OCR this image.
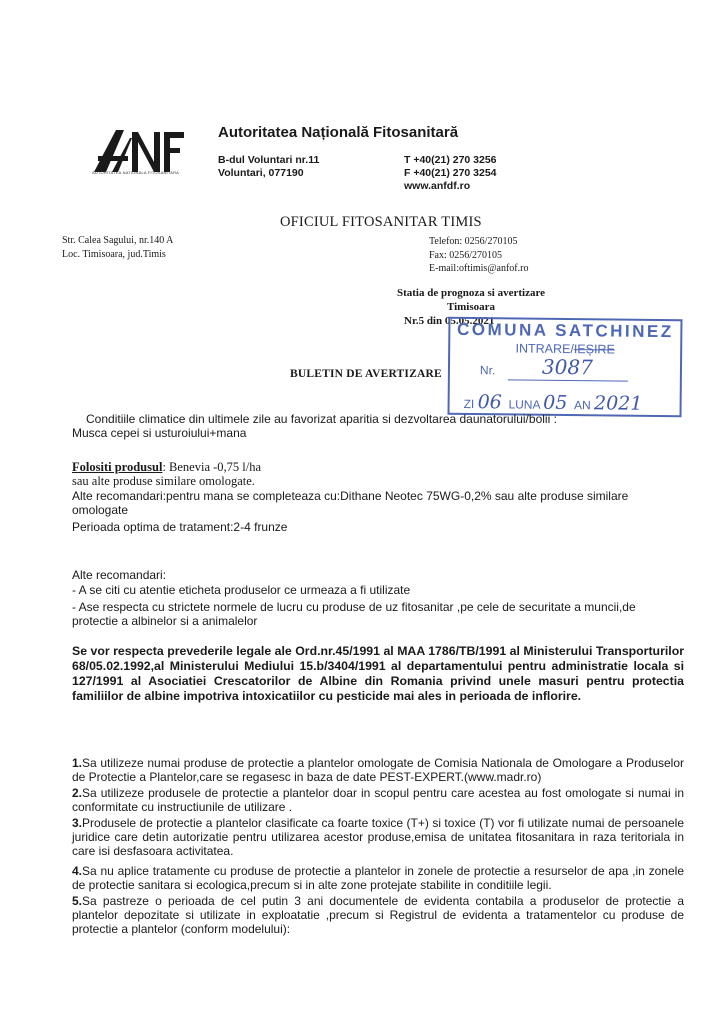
AUTORITATEA NATIONALA FITOSANITARA
Autoritatea Națională Fitosanitară
B-dul Voluntari nr.11
Voluntari, 077190
T +40(21) 270 3256
F +40(21) 270 3254
www.anfdf.ro
OFICIUL FITOSANITAR TIMIS
Str. Calea Sagului, nr.140 A
Loc. Timisoara, jud.Timis
Telefon: 0256/270105
Fax: 0256/270105
E-mail:oftimis@anfof.ro
Statia de prognoza si avertizare
Timisoara
Nr.5 din 05.05.2021
COMUNA SATCHINEZ
INTRARE/IEȘIRE
Nr. 3087
ZI 06 LUNA 05 AN 2021
BULETIN DE AVERTIZARE
Conditiile climatice din ultimele zile au favorizat aparitia si dezvoltarea daunatorului/bolii :
Musca cepei si usturoiului+mana
Folositi produsul: Benevia -0,75 l/ha
sau alte produse similare omologate.
Alte recomandari:pentru mana se completeaza cu:Dithane Neotec 75WG-0,2% sau alte produse similare omologate
Perioada optima de tratament:2-4 frunze
Alte recomandari:
- A se citi cu atentie eticheta produselor ce urmeaza a fi utilizate
- Ase respecta cu strictete normele de lucru cu produse de uz fitosanitar ,pe cele de securitate a muncii,de protectie a albinelor si a animalelor
Se vor respecta prevederile legale ale Ord.nr.45/1991 al MAA 1786/TB/1991 al Ministerului Transporturilor 68/05.02.1992,al Ministerului Mediului 15.b/3404/1991 al departamentului pentru administratie locala si 127/1991 al Asociatiei Crescatorilor de Albine din Romania privind unele masuri pentru protectia familiilor de albine impotriva intoxicatiilor cu pesticide mai ales in perioada de inflorire.
1.Sa utilizeze numai produse de protectie a plantelor omologate de Comisia Nationala de Omologare a Produselor de Protectie a Plantelor,care se regasesc in baza de date PEST-EXPERT.(www.madr.ro)
2.Sa utilizeze produsele de protectie a plantelor doar in scopul pentru care acestea au fost omologate si numai in conformitate cu instructiunile de utilizare .
3.Produsele de protectie a plantelor clasificate ca foarte toxice (T+) si toxice (T) vor fi utilizate numai de persoanele juridice care detin autorizatie pentru utilizarea acestor produse,emisa de unitatea fitosanitara in raza teritoriala in care isi desfasoara activitatea.
4.Sa nu aplice tratamente cu produse de protectie a plantelor in zonele de protectie a resurselor de apa ,in zonele de protectie sanitara si ecologica,precum si in alte zone protejate stabilite in conditiile legii.
5.Sa pastreze o perioada de cel putin 3 ani documentele de evidenta contabila a produselor de protectie a plantelor depozitate si utilizate in exploatatie ,precum si Registrul de evidenta a tratamentelor cu produse de protectie a plantelor (conform modelului):
